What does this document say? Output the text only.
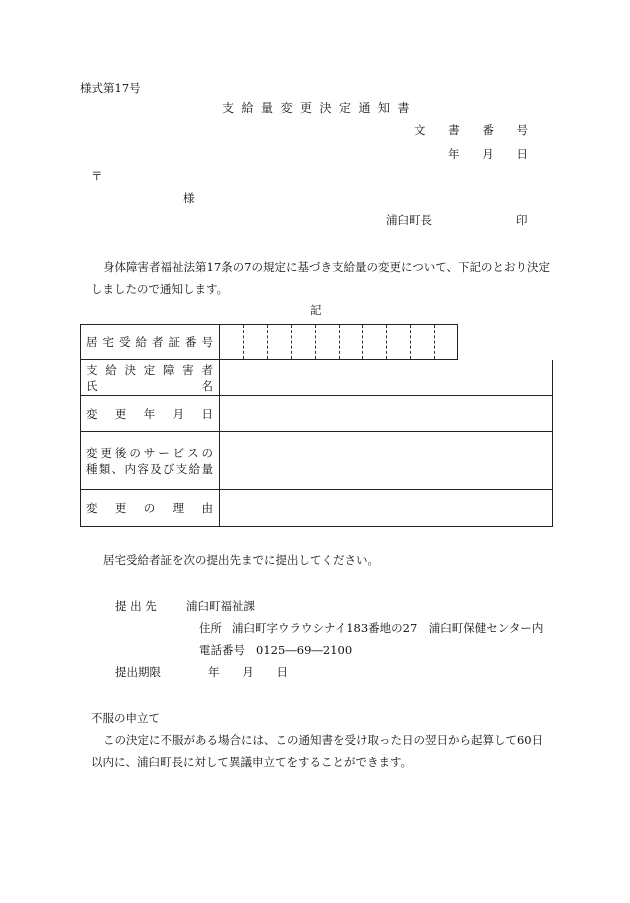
様式第17号
支給量変更決定通知書
文 書 番 号
年 月 日
〒
様
浦臼町長	印
身体障害者福祉法第17条の7の規定に基づき支給量の変更について、下記のとおり決定
しましたので通知します。
記
居 宅 受 給 者 証 番 号
支 給 決 定 障 害 者
氏	名
変 更 年 月 日
変 更 後 の サ ー ビ ス の
種 類 、 内 容 及 び 支 給 量
変 更 の 理 由
居宅受給者証を次の提出先までに提出してください。
提 出 先	浦臼町福祉課
住所 浦臼町字ウラウシナイ183番地の27　浦臼町保健センター内
電話番号 0125―69―2100
提出期限	年 月 日
不服の申立て
この決定に不服がある場合には、この通知書を受け取った日の翌日から起算して60日
以内に、浦臼町長に対して異議申立てをすることができます。
